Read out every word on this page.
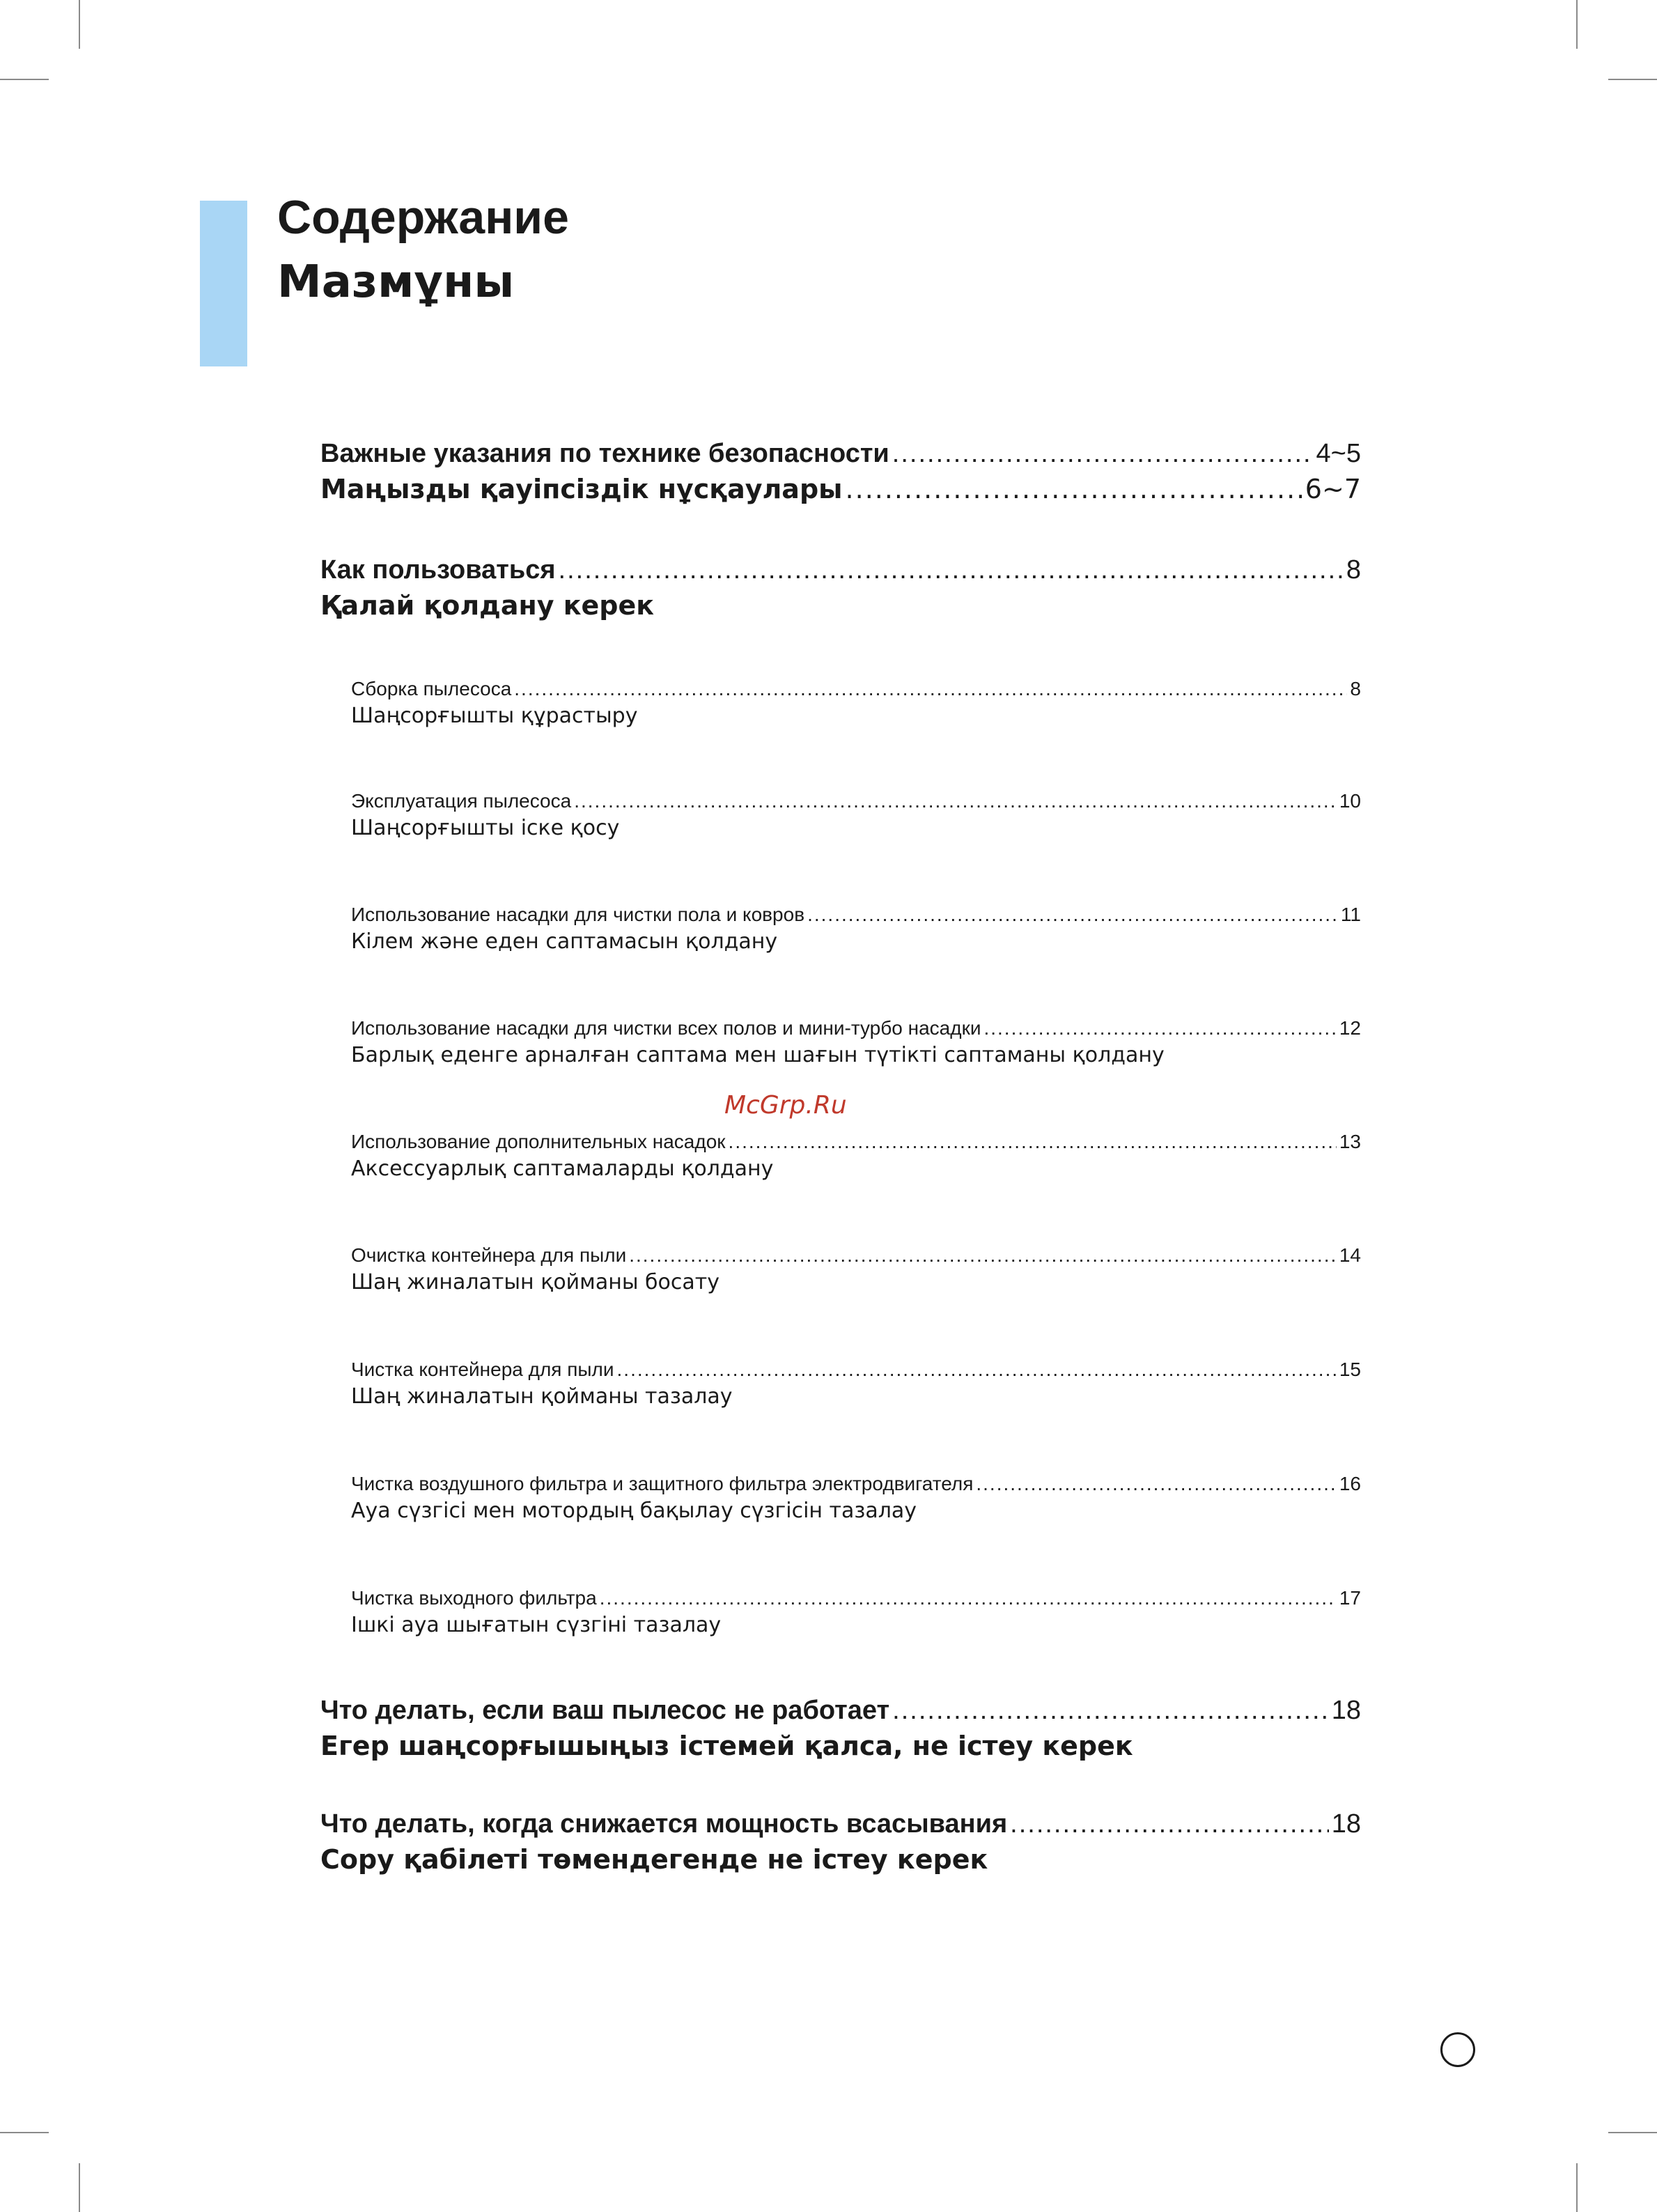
Содержание
Мазмұны
Важные указания по технике безопасности .....	4~5
Маңызды қауіпсіздік нұсқаулары .....	6~7
Как пользоваться .....	8
Қалай қолдану керек
Сборка пылесоса .....	8
Шаңсорғышты құрастыру
Эксплуатация пылесоса .....	10
Шаңсорғышты іске қосу
Использование насадки для чистки пола и ковров .....	11
Кілем және еден саптамасын қолдану
Использование насадки для чистки всех полов и мини-турбо насадки .....	12
Барлық еденге арналған саптама мен шағын түтікті саптаманы қолдану
McGrp.Ru
Использование дополнительных насадок .....	13
Аксессуарлық саптамаларды қолдану
Очистка контейнера для пыли .....	14
Шаң жиналатын қойманы босату
Чистка контейнера для пыли .....	15
Шаң жиналатын қойманы тазалау
Чистка воздушного фильтра и защитного фильтра электродвигателя .....	16
Ауа сүзгісі мен мотордың бақылау сүзгісін тазалау
Чистка выходного фильтра .....	17
Ішкі ауа шығатын сүзгіні тазалау
Что делать, если ваш пылесос не работает .....	18
Егер шаңсорғышыңыз істемей қалса, не істеу керек
Что делать, когда снижается мощность всасывания .....	18
Сору қабілеті төмендегенде не істеу керек
